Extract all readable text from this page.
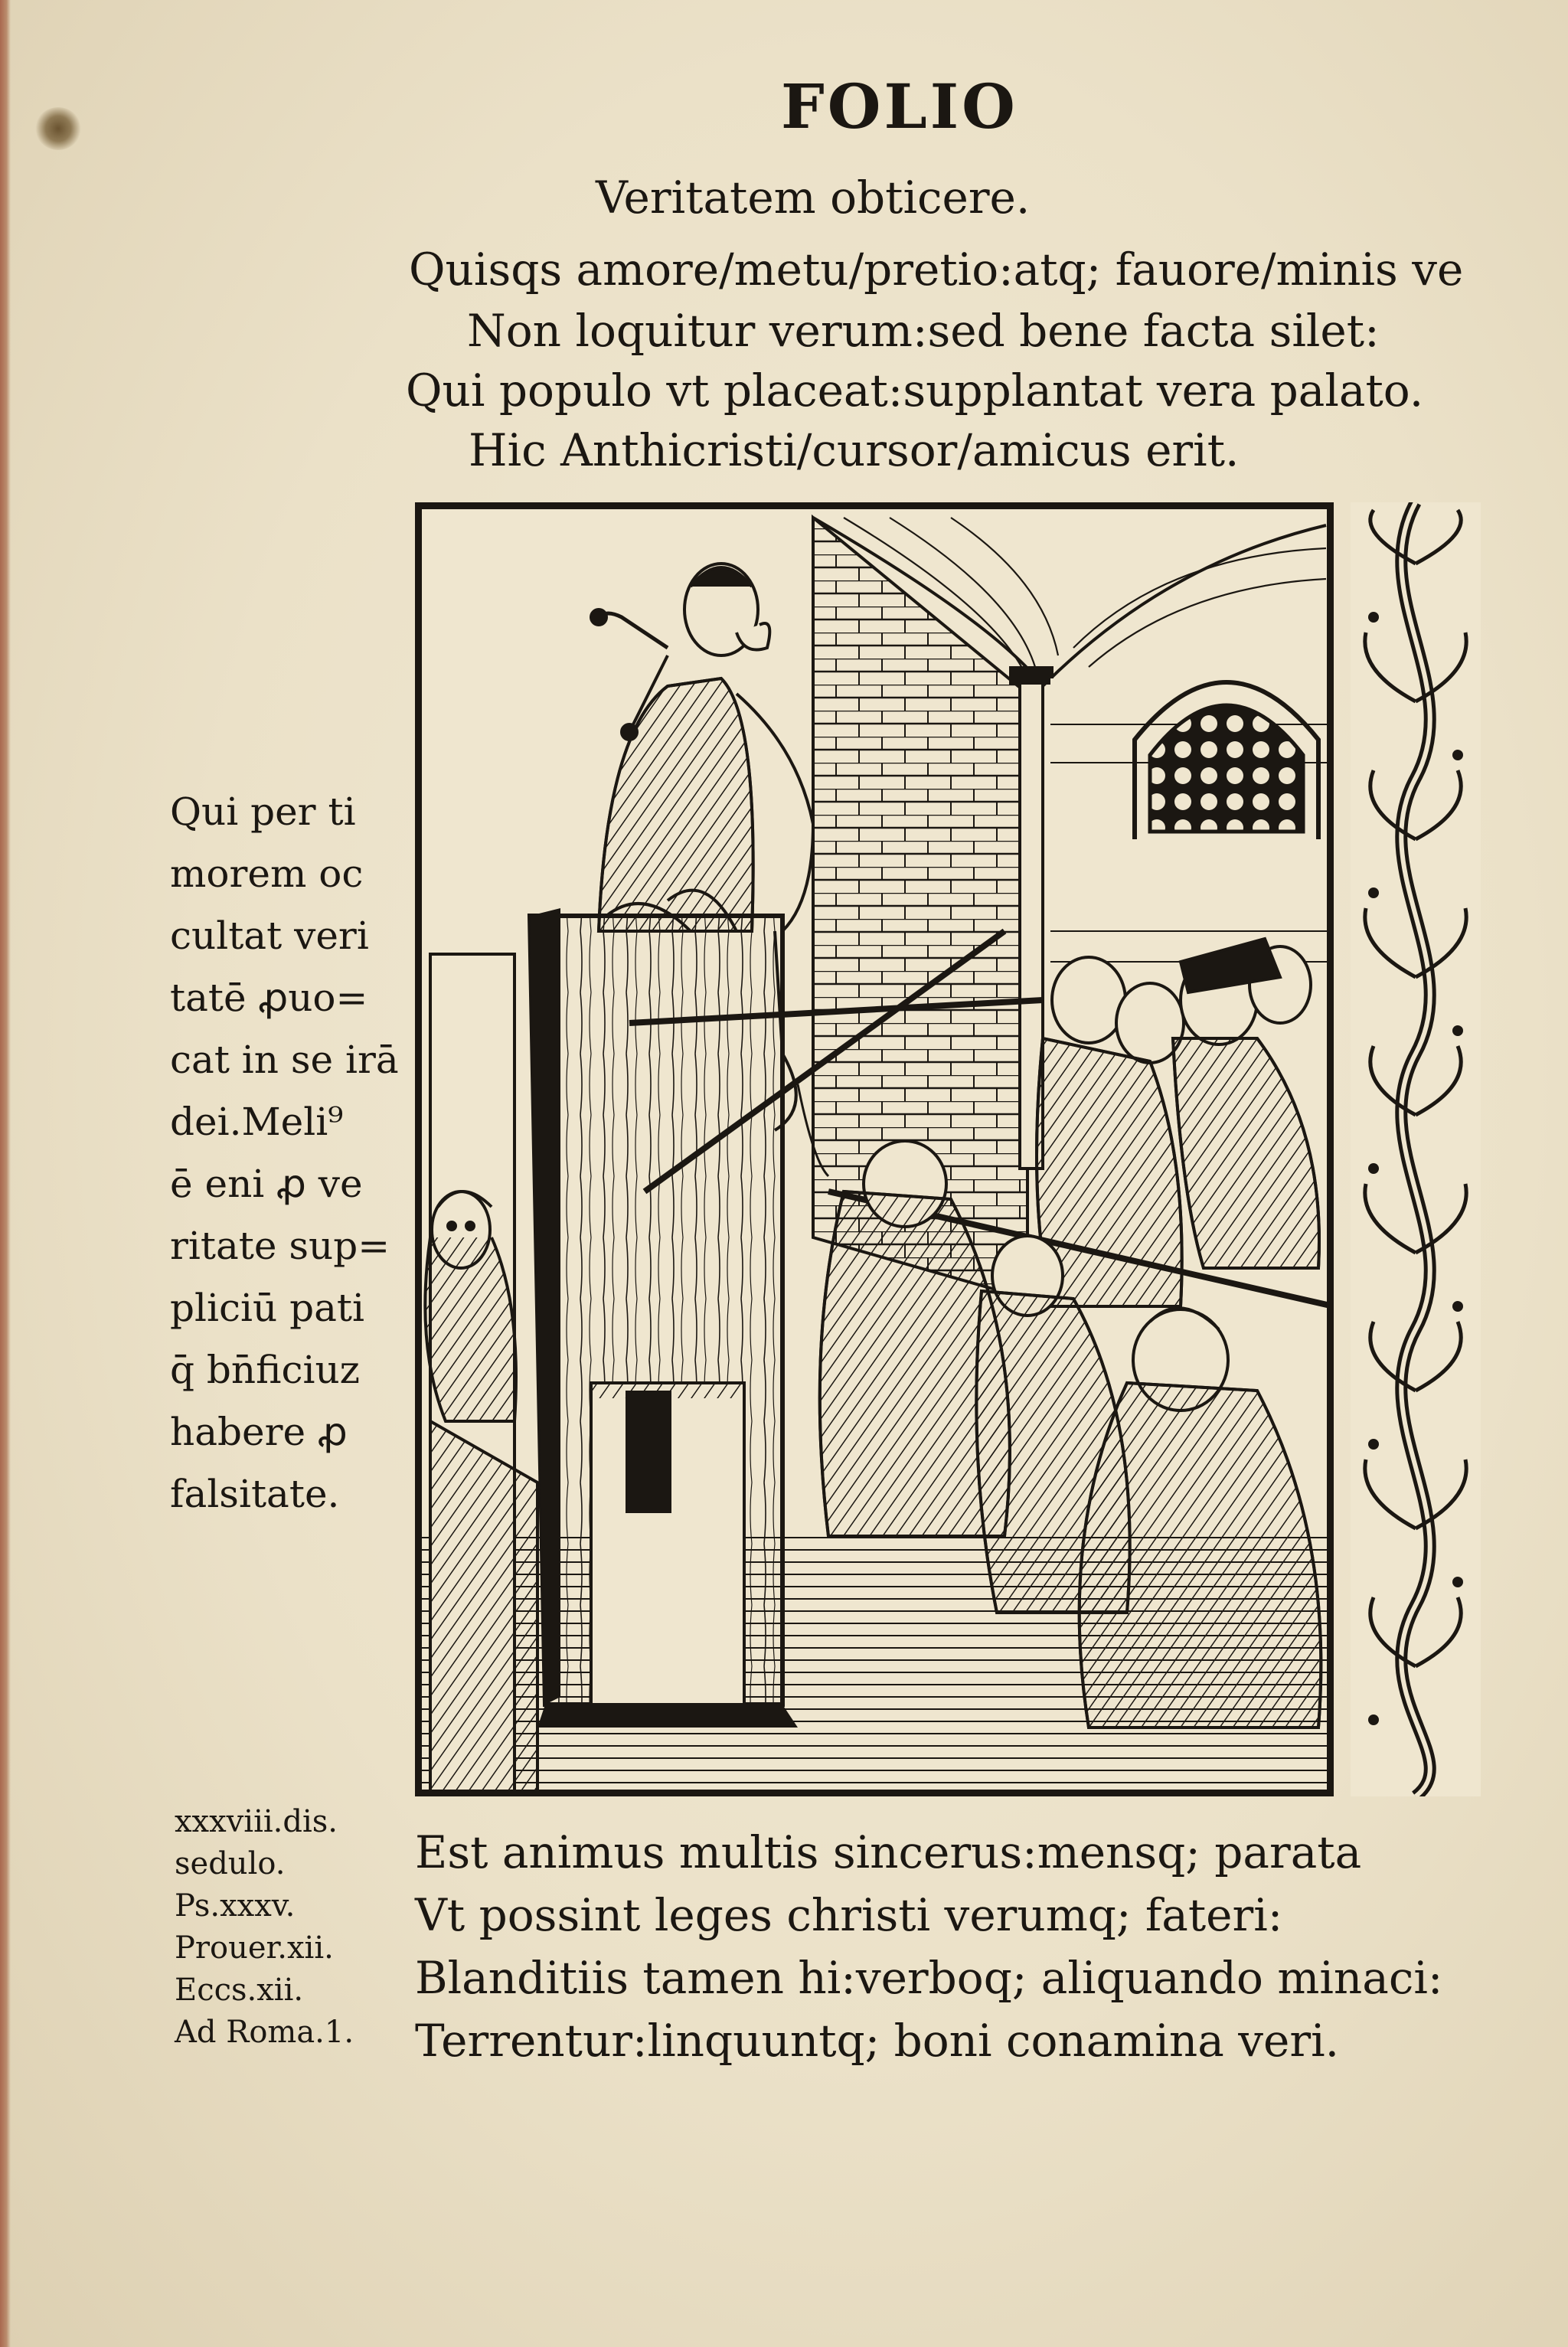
FOLIO

Veritatem obticere.

Quisqs amore/metu/pretio:atq; fauore/minis ve

Non loquitur verum:sed bene facta silet:

Qui populo vt placeat:supplantat vera palato.

Hic Anthicristi/cursor/amicus erit.

Qui per ti
morem oc
cultat veri
tatē ꝓuo=
cat in se irā
dei.Meli⁹
ē eni ꝓ ve
ritate sup=
pliciū pati
q̄ bn̄ficiuz
habere ꝓ
falsitate.
xxxviii.dis.
sedulo.
Ps.xxxv.
Prouer.xii.
Eccs.xii.
Ad Roma.1.
Est animus multis sincerus:mensq; parata
Vt possint leges christi verumq; fateri:
Blanditiis tamen hi:verboq; aliquando minaci:
Terrentur:linquuntq; boni conamina veri.
